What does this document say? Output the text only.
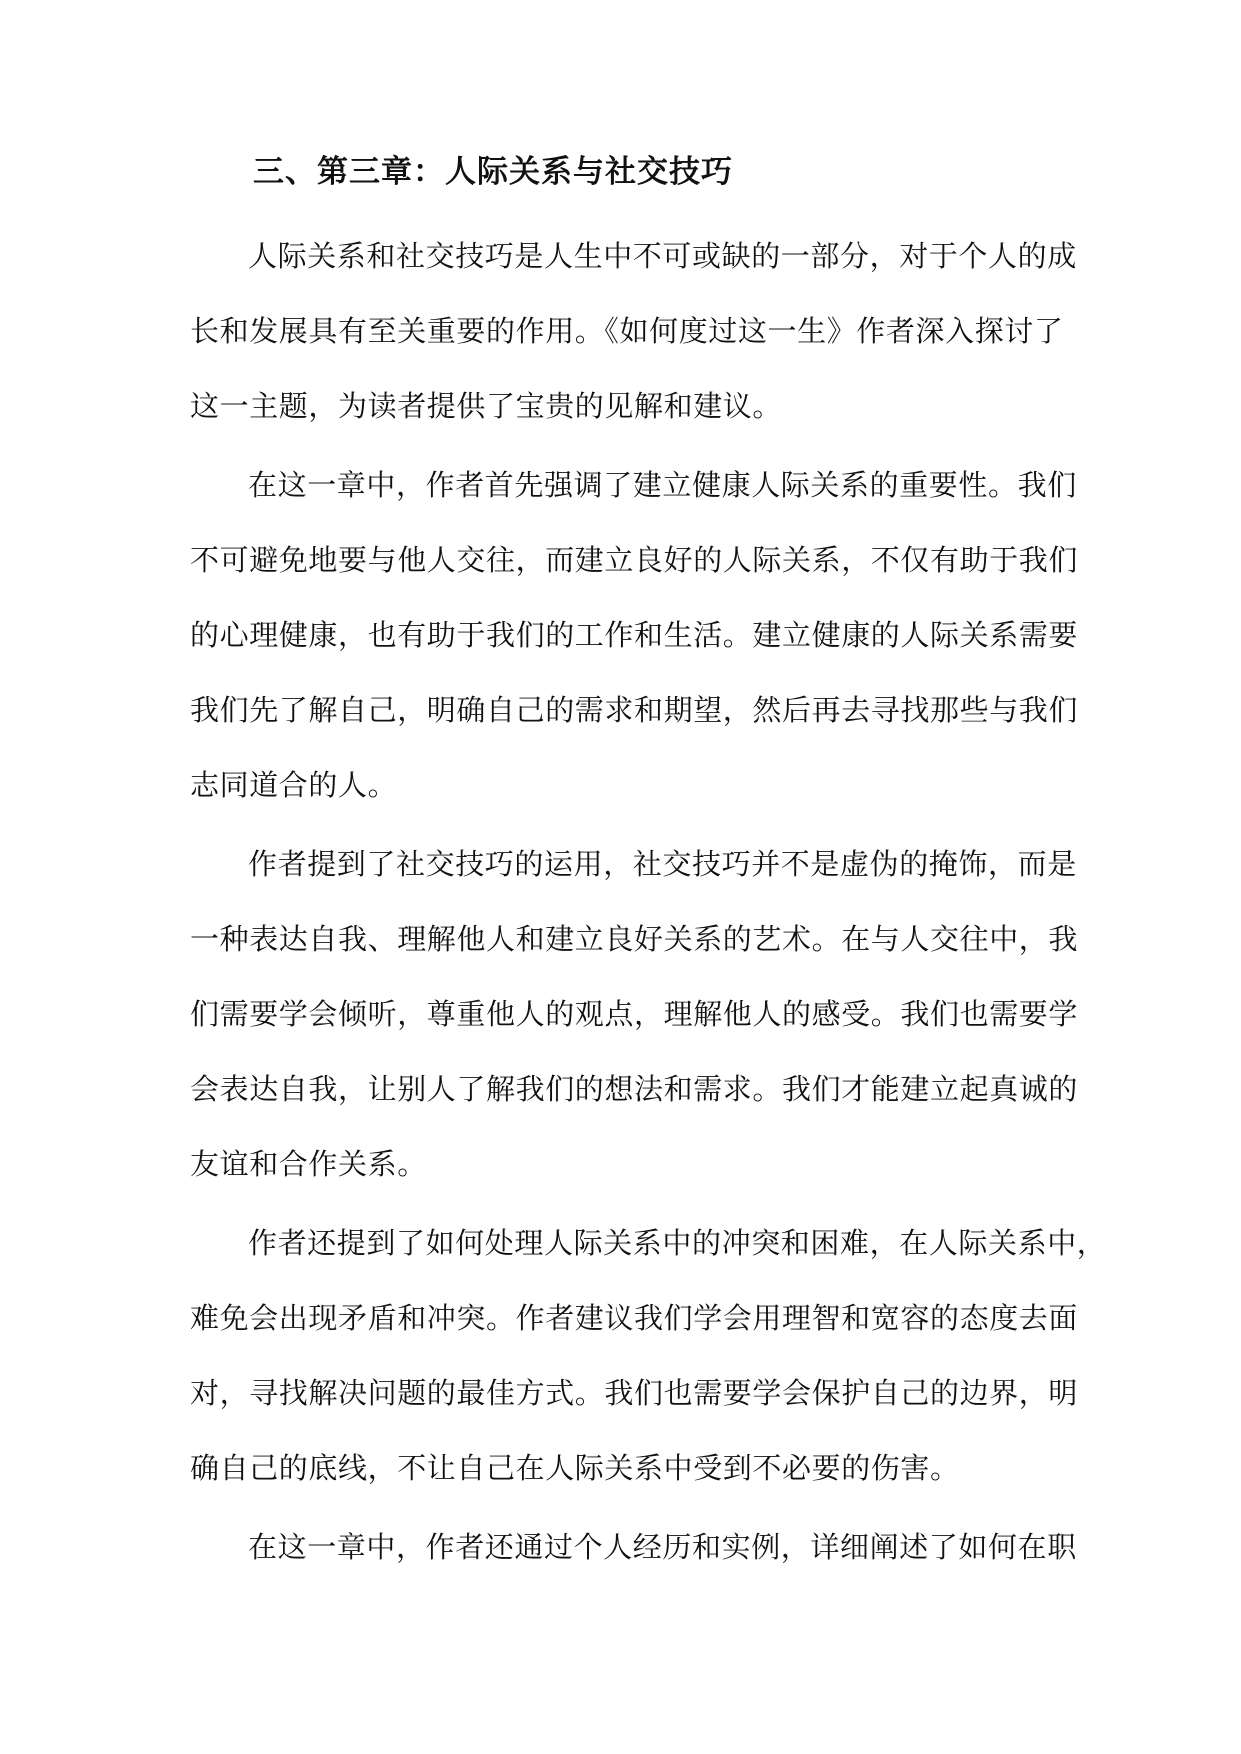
三、第三章：人际关系与社交技巧
人际关系和社交技巧是人生中不可或缺的一部分，对于个人的成
长和发展具有至关重要的作用。《如何度过这一生》作者深入探讨了
这一主题，为读者提供了宝贵的见解和建议。
在这一章中，作者首先强调了建立健康人际关系的重要性。我们
不可避免地要与他人交往，而建立良好的人际关系，不仅有助于我们
的心理健康，也有助于我们的工作和生活。建立健康的人际关系需要
我们先了解自己，明确自己的需求和期望，然后再去寻找那些与我们
志同道合的人。
作者提到了社交技巧的运用，社交技巧并不是虚伪的掩饰，而是
一种表达自我、理解他人和建立良好关系的艺术。在与人交往中，我
们需要学会倾听，尊重他人的观点，理解他人的感受。我们也需要学
会表达自我，让别人了解我们的想法和需求。我们才能建立起真诚的
友谊和合作关系。
作者还提到了如何处理人际关系中的冲突和困难，在人际关系中，
难免会出现矛盾和冲突。作者建议我们学会用理智和宽容的态度去面
对，寻找解决问题的最佳方式。我们也需要学会保护自己的边界，明
确自己的底线，不让自己在人际关系中受到不必要的伤害。
在这一章中，作者还通过个人经历和实例，详细阐述了如何在职
